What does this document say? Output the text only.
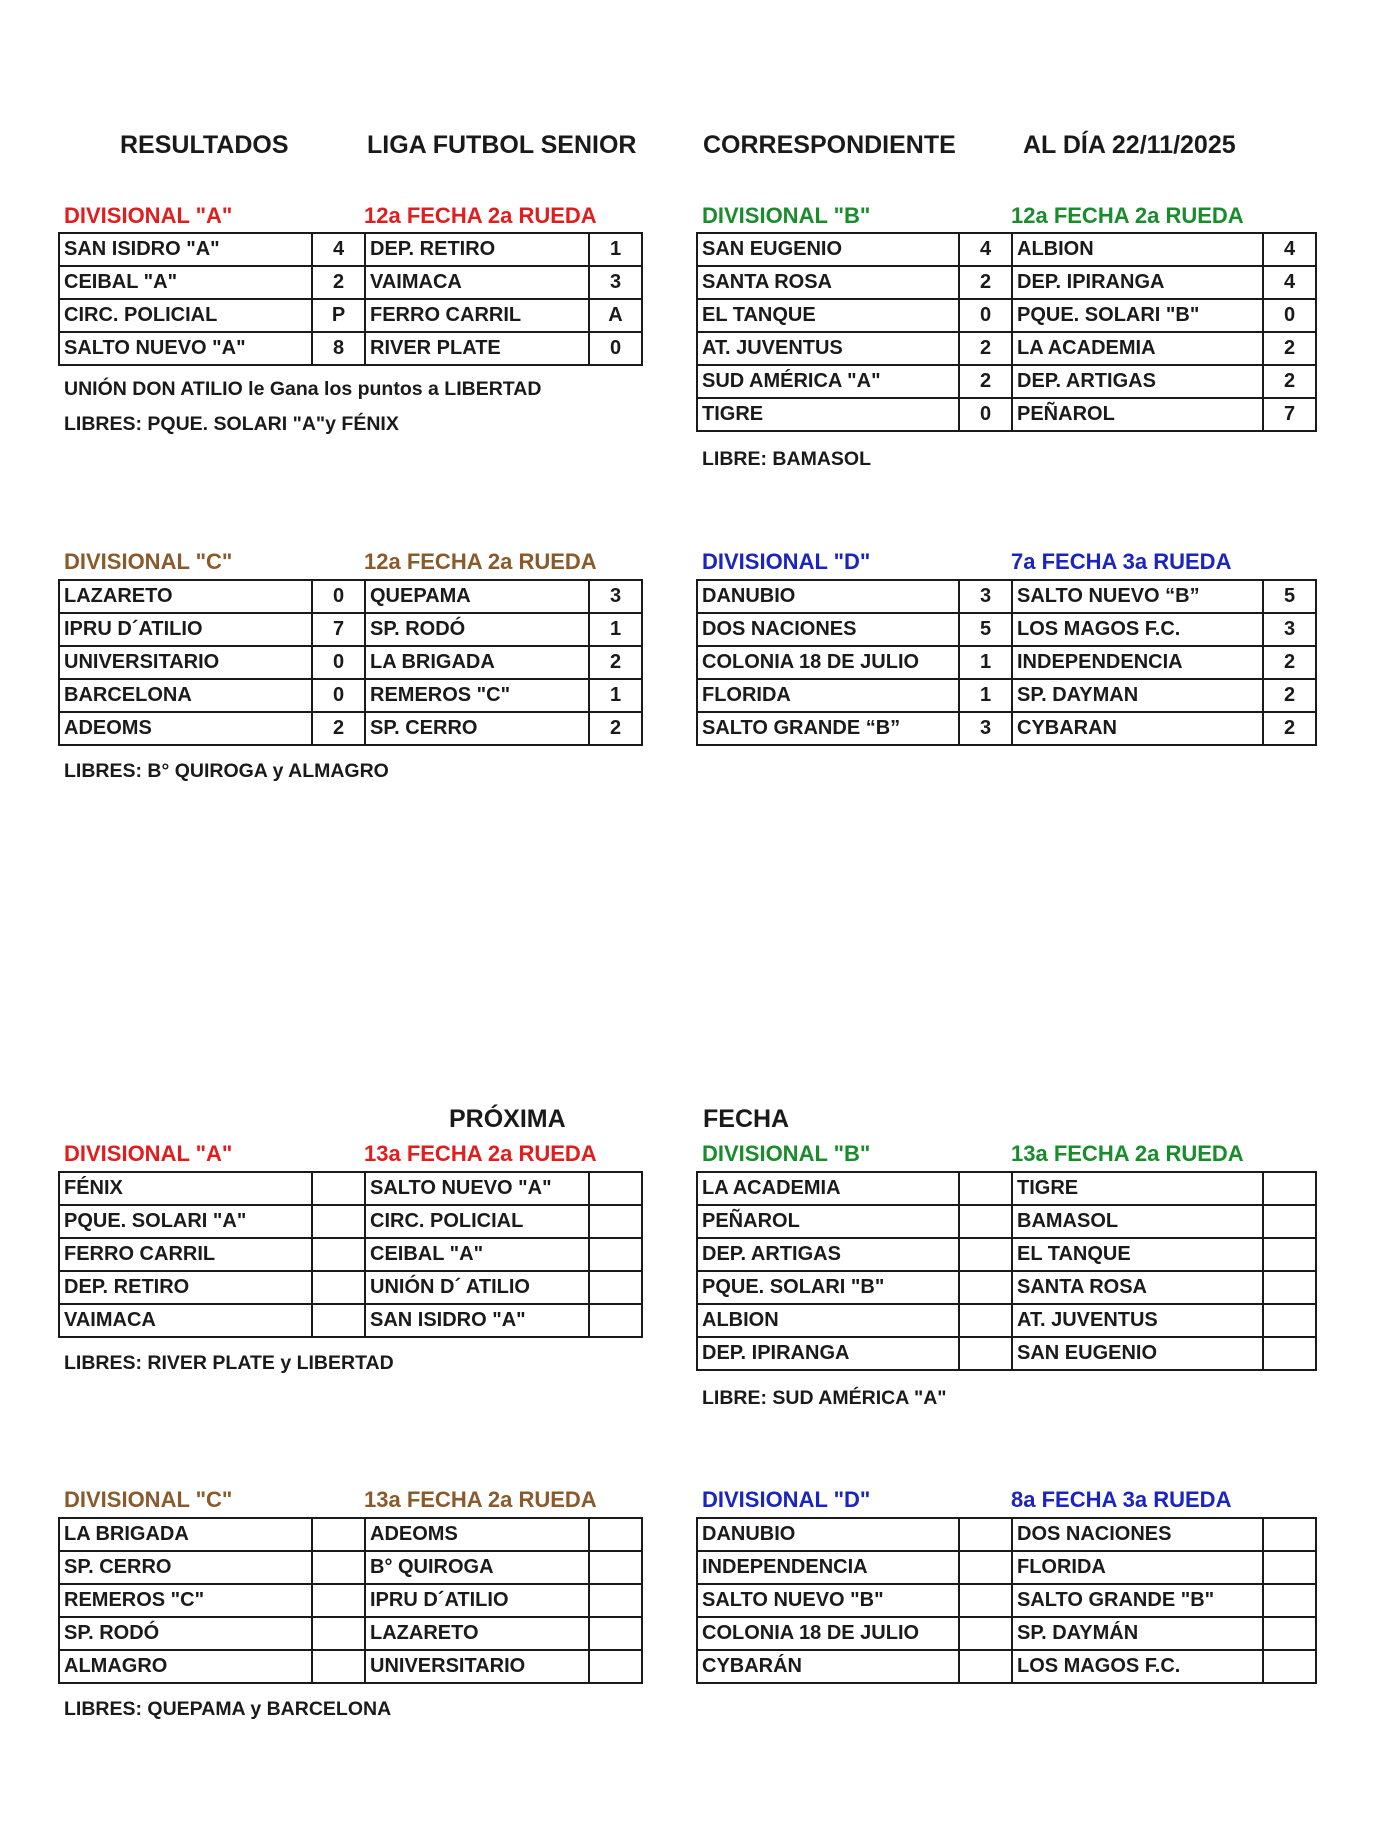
RESULTADOS	LIGA FUTBOL SENIOR	CORRESPONDIENTE	AL DÍA 22/11/2025
PRÓXIMA	FECHA
DIVISIONAL "A"	12a FECHA 2a RUEDA
SAN ISIDRO "A"	4	DEP. RETIRO	1
CEIBAL "A"	2	VAIMACA	3
CIRC. POLICIAL	P	FERRO CARRIL	A
SALTO NUEVO "A"	8	RIVER PLATE	0
UNIÓN DON ATILIO le Gana los puntos a LIBERTAD
LIBRES: PQUE. SOLARI "A"y FÉNIX
DIVISIONAL "B"	12a FECHA 2a RUEDA
SAN EUGENIO	4	ALBION	4
SANTA ROSA	2	DEP. IPIRANGA	4
EL TANQUE	0	PQUE. SOLARI "B"	0
AT. JUVENTUS	2	LA ACADEMIA	2
SUD AMÉRICA "A"	2	DEP. ARTIGAS	2
TIGRE	0	PEÑAROL	7
LIBRE: BAMASOL
DIVISIONAL "C"	12a FECHA 2a RUEDA
LAZARETO	0	QUEPAMA	3
IPRU D´ATILIO	7	SP. RODÓ	1
UNIVERSITARIO	0	LA BRIGADA	2
BARCELONA	0	REMEROS "C"	1
ADEOMS	2	SP. CERRO	2
LIBRES: B° QUIROGA y ALMAGRO
DIVISIONAL "D"	7a FECHA 3a RUEDA
DANUBIO	3	SALTO NUEVO “B”	5
DOS NACIONES	5	LOS MAGOS F.C.	3
COLONIA 18 DE JULIO	1	INDEPENDENCIA	2
FLORIDA	1	SP. DAYMAN	2
SALTO GRANDE “B”	3	CYBARAN	2
DIVISIONAL "A"	13a FECHA 2a RUEDA
FÉNIX		SALTO NUEVO "A"	
PQUE. SOLARI "A"		CIRC. POLICIAL	
FERRO CARRIL		CEIBAL "A"	
DEP. RETIRO		UNIÓN D´ ATILIO	
VAIMACA		SAN ISIDRO "A"	
LIBRES: RIVER PLATE y LIBERTAD
DIVISIONAL "B"	13a FECHA 2a RUEDA
LA ACADEMIA		TIGRE	
PEÑAROL		BAMASOL	
DEP. ARTIGAS		EL TANQUE	
PQUE. SOLARI "B"		SANTA ROSA	
ALBION		AT. JUVENTUS	
DEP. IPIRANGA		SAN EUGENIO	
LIBRE: SUD AMÉRICA "A"
DIVISIONAL "C"	13a FECHA 2a RUEDA
LA BRIGADA		ADEOMS	
SP. CERRO		B° QUIROGA	
REMEROS "C"		IPRU D´ATILIO	
SP. RODÓ		LAZARETO	
ALMAGRO		UNIVERSITARIO	
LIBRES: QUEPAMA y BARCELONA
DIVISIONAL "D"	8a FECHA 3a RUEDA
DANUBIO		DOS NACIONES	
INDEPENDENCIA		FLORIDA	
SALTO NUEVO "B"		SALTO GRANDE "B"	
COLONIA 18 DE JULIO		SP. DAYMÁN	
CYBARÁN		LOS MAGOS F.C.	
